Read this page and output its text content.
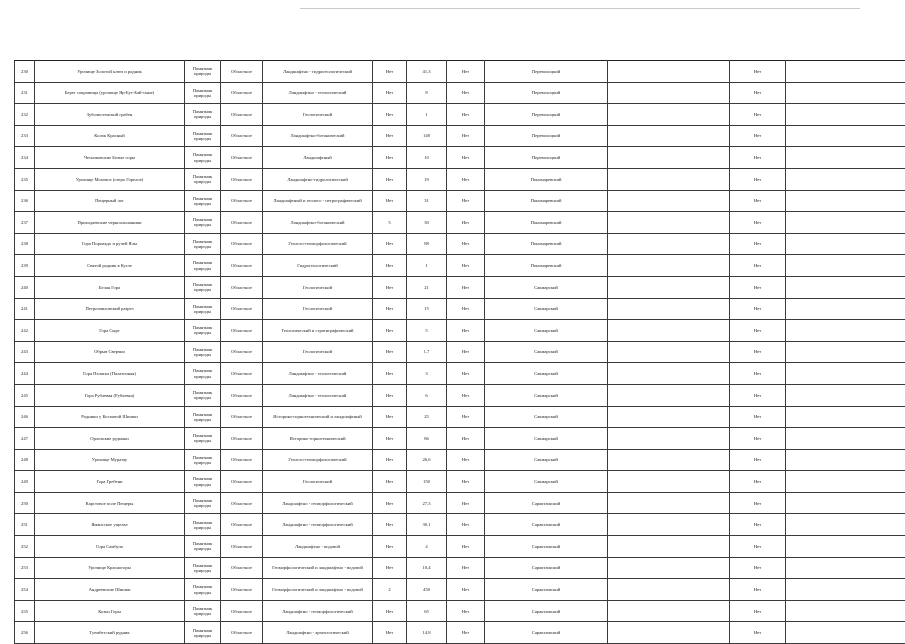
230	Урочище Золотой ключ и родник	Памятник природы	Областное	Ландшафтно - гидрогеологический	Нет	41,3	Нет	Переволоцкий		Нет	
231	Берег сокровища (урочище Яр-Бут-Бай-сыне)	Памятник природы	Областное	Ландшафтно - геологический	Нет	8	Нет	Переволоцкий		Нет	
232	Зубочистенский грабен	Памятник природы	Областное	Геологический	Нет	1	Нет	Переволоцкий		Нет	
233	Колок Красный	Памятник природы	Областное	Ландшафтно-ботанический	Нет	148	Нет	Переволоцкий		Нет	
234	Чесноковские Белые горы	Памятник природы	Областное	Ландшафтный	Нет	10	Нет	Переволоцкий		Нет	
235	Урочище Моховое (озеро Горелое)	Памятник природы	Областное	Ландшафтно-гидрологический	Нет	19	Нет	Пономаревский		Нет	
236	Пещерный лог	Памятник природы	Областное	Ландшафтный и геолого - петрографический	Нет	31	Нет	Пономаревский		Нет	
237	Приходаевские черноольшаники	Памятник природы	Областное	Ландшафтно-ботанический	5	30	Нет	Пономаревский		Нет	
238	Гора Порпакдо и ручей Ялы	Памятник природы	Областное	Геолого-геоморфологический	Нет	88	Нет	Пономаревский		Нет	
239	Святой родник в Кугле	Памятник природы	Областное	Гидрогеологический	Нет	1	Нет	Пономаревский		Нет	
240	Белая Гора	Памятник природы	Областное	Геологический	Нет	21	Нет	Сакмарский		Нет	
241	Петропавловский разрез	Памятник природы	Областное	Геологический	Нет	15	Нет	Сакмарский		Нет	
242	Гора Сырт	Памятник природы	Областное	Геологический и стратиграфический	Нет	5	Нет	Сакмарский		Нет	
243	Обрыв Сверчки	Памятник природы	Областное	Геологический	Нет	1,7	Нет	Сакмарский		Нет	
244	Гора Палатка (Палаточная)	Памятник природы	Областное	Ландшафтно - геологический	Нет	3	Нет	Сакмарский		Нет	
245	Гора Рублевая (Рублевка)	Памятник природы	Областное	Ландшафтно - геологический	Нет	6	Нет	Сакмарский		Нет	
246	Родники у Косматой Шишки	Памятник природы	Областное	Историко-горнотехнический и ландшафтный	Нет	25	Нет	Сакмарский		Нет	
247	Орловские рудники	Памятник природы	Областное	Историко-горнотехнический	Нет	86	Нет	Сакмарский		Нет	
248	Урочище Муратау	Памятник природы	Областное	Геолого-геоморфологический	Нет	26,6	Нет	Сакмарский		Нет	
249	Гора Гребени	Памятник природы	Областное	Геологический	Нет	150	Нет	Сакмарский		Нет	
250	Карстовое поле Пещеры	Памятник природы	Областное	Ландшафтно - геоморфологический	Нет	27,3	Нет	Саракташский		Нет	
251	Ямансское ущелье	Памятник природы	Областное	Ландшафтно - геоморфологический	Нет	30,1	Нет	Саракташский		Нет	
252	Гора Самбула	Памятник природы	Областное	Ландшафтно - водовой	Нет	4	Нет	Саракташский		Нет	
253	Урочище Красногоры	Памятник природы	Областное	Геоморфологический и ландшафтно - водовой	Нет	10,4	Нет	Саракташский		Нет	
254	Андреевские Шишки	Памятник природы	Областное	Геоморфологический и ландшафтно - водовой	2	450	Нет	Саракташский		Нет	
255	Козьи Горы	Памятник природы	Областное	Ландшафтно - геоморфологический	Нет	65	Нет	Саракташский		Нет	
256	Туембетский рудник	Памятник природы	Областное	Ландшафтно - археологический	Нет	14,8	Нет	Саракташский		Нет	
